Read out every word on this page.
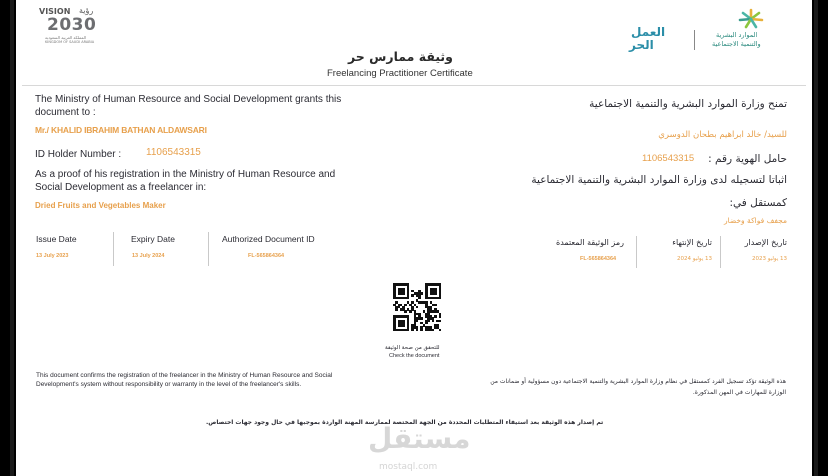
VISION رؤية
2030
المملكة العربية السعودية
KINGDOM OF SAUDI ARABIA
الموارد البشرية
والتنمية الاجتماعية
العمل
الحر
وثيقة ممارس حر
Freelancing Practitioner Certificate
The Ministry of Human Resource and Social Development grants this document to :
Mr./ KHALID IBRAHIM BATHAN ALDAWSARI
ID Holder Number : 1106543315
As a proof of his registration in the Ministry of Human Resource and Social Development as a freelancer in:
Dried Fruits and Vegetables Maker
Issue Date
13 July 2023
Expiry Date
13 July 2024
Authorized Document ID
FL-565864364
تمنح وزارة الموارد البشرية والتنمية الاجتماعية
للسيد/ خالد ابراهيم بطحان الدوسري
حامل الهوية رقم :
1106543315
اثباتا لتسجيله لدى وزارة الموارد البشرية والتنمية الاجتماعية
كمستقل في:
مجفف فواكة وخضار
تاريخ الإصدار
13 يوليو 2023
تاريخ الإنتهاء
13 يوليو 2024
رمز الوثيقة المعتمدة
FL-565864364
للتحقق من صحة الوثيقة
Check the document
This document confirms the registration of the freelancer in the Ministry of Human Resource and Social Development's system without responsibility or warranty in the level of the freelancer's skills.	هذه الوثيقة تؤكد تسجيل الفرد كمستقل في نظام وزارة الموارد البشرية والتنمية الاجتماعية دون مسؤولية أو ضمانات من
الوزارة للمهارات في المهن المذكورة.
تم إصدار هذه الوثيقة بعد استيفاء المتطلبات المحددة من الجهة المختصة لممارسة المهنة الواردة بموجبها في حال وجود جهات اختصاص.
مستقل
mostaql.com
